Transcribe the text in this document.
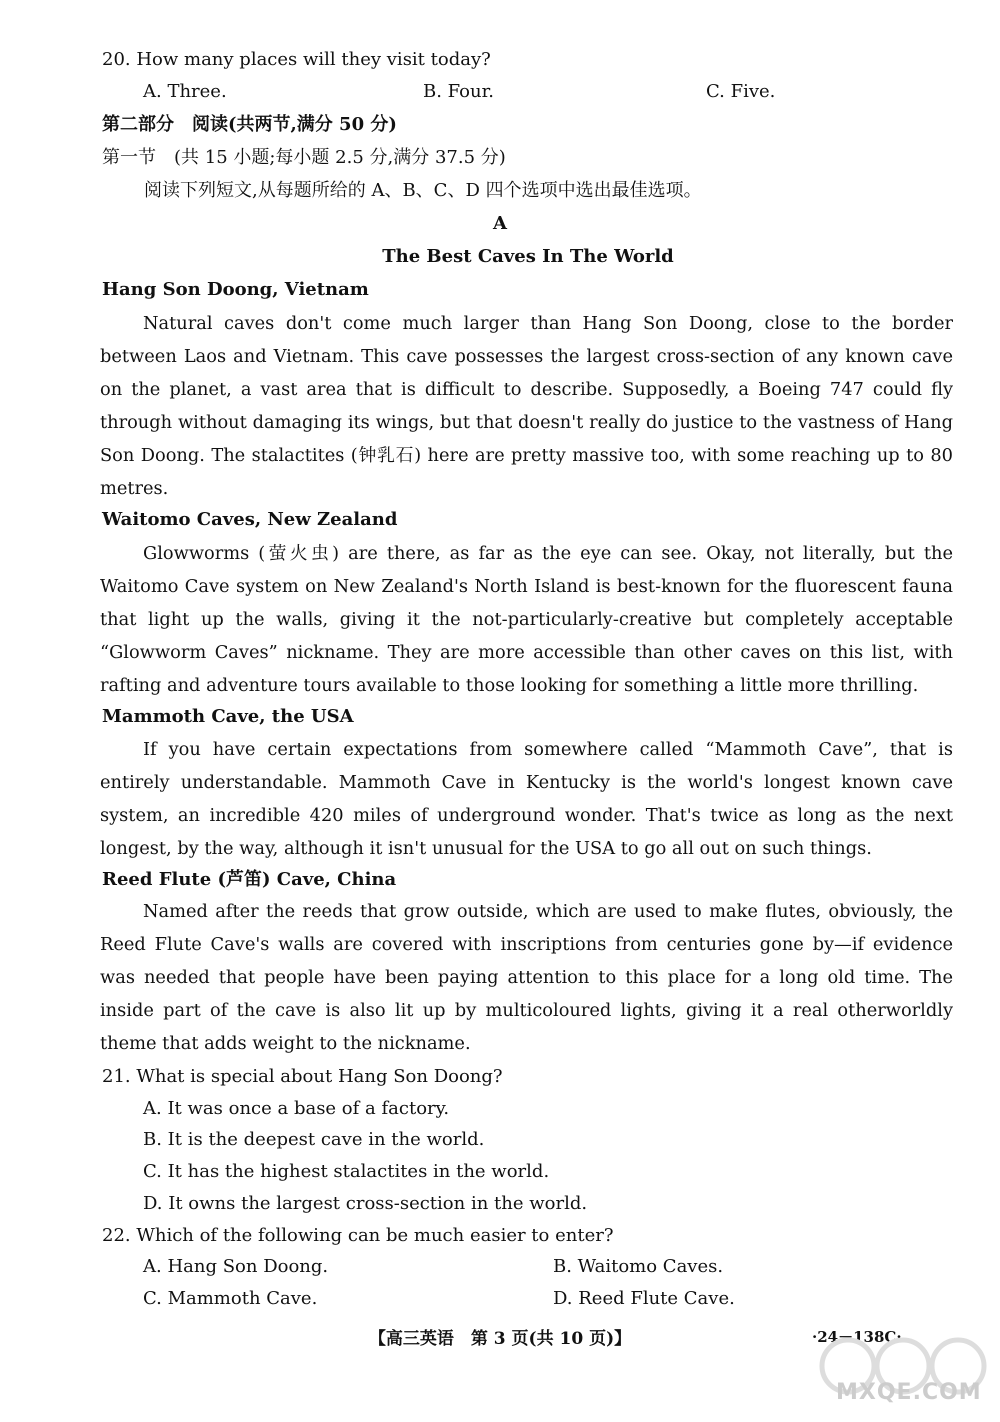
20. How many places will they visit today?
A. Three.	B. Four.	C. Five.
第二部分　阅读(共两节,满分 50 分)
第一节　(共 15 小题;每小题 2.5 分,满分 37.5 分)
阅读下列短文,从每题所给的 A、B、C、D 四个选项中选出最佳选项。
A
The Best Caves In The World
Hang Son Doong, Vietnam

Natural caves don't come much larger than Hang Son Doong, close to the border between Laos and Vietnam. This cave possesses the largest cross-section of any known cave on the planet, a vast area that is difficult to describe. Supposedly, a Boeing 747 could fly through without damaging its wings, but that doesn't really do justice to the vastness of Hang Son Doong. The stalactites (钟乳石) here are pretty massive too, with some reaching up to 80 metres.

Waitomo Caves, New Zealand

Glowworms (萤火虫) are there, as far as the eye can see. Okay, not literally, but the Waitomo Cave system on New Zealand's North Island is best-known for the fluorescent fauna that light up the walls, giving it the not-particularly-creative but completely acceptable “Glowworm Caves” nickname. They are more accessible than other caves on this list, with rafting and adventure tours available to those looking for something a little more thrilling.

Mammoth Cave, the USA

If you have certain expectations from somewhere called “Mammoth Cave”, that is entirely understandable. Mammoth Cave in Kentucky is the world's longest known cave system, an incredible 420 miles of underground wonder. That's twice as long as the next longest, by the way, although it isn't unusual for the USA to go all out on such things.

Reed Flute (芦笛) Cave, China

Named after the reeds that grow outside, which are used to make flutes, obviously, the Reed Flute Cave's walls are covered with inscriptions from centuries gone by—if evidence was needed that people have been paying attention to this place for a long old time. The inside part of the cave is also lit up by multicoloured lights, giving it a real otherworldly theme that adds weight to the nickname.

21. What is special about Hang Son Doong?
A. It was once a base of a factory.
B. It is the deepest cave in the world.
C. It has the highest stalactites in the world.
D. It owns the largest cross-section in the world.
22. Which of the following can be much easier to enter?
A. Hang Son Doong.	B. Waitomo Caves.
C. Mammoth Cave.	D. Reed Flute Cave.
【高三英语　第 3 页(共 10 页)】	·24－138C·
MXQE.COM
